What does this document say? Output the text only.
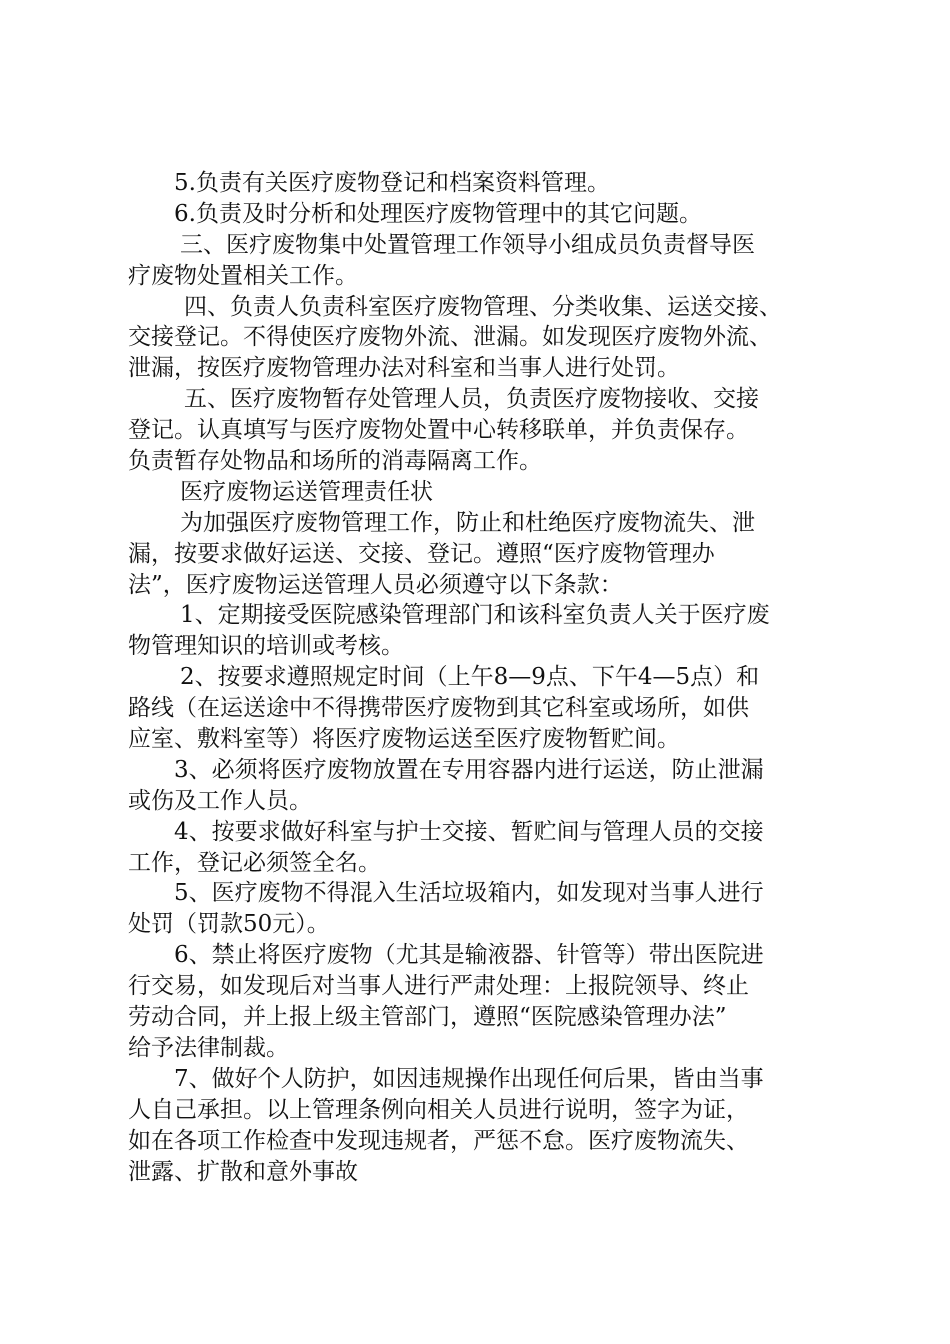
5.负责有关医疗废物登记和档案资料管理。
6.负责及时分析和处理医疗废物管理中的其它问题。
三、医疗废物集中处置管理工作领导小组成员负责督导医
疗废物处置相关工作。
四、负责人负责科室医疗废物管理、分类收集、运送交接、
交接登记。不得使医疗废物外流、泄漏。如发现医疗废物外流、
泄漏，按医疗废物管理办法对科室和当事人进行处罚。
五、医疗废物暂存处管理人员，负责医疗废物接收、交接
登记。认真填写与医疗废物处置中心转移联单，并负责保存。
负责暂存处物品和场所的消毒隔离工作。
医疗废物运送管理责任状
为加强医疗废物管理工作，防止和杜绝医疗废物流失、泄
漏，按要求做好运送、交接、登记。遵照“医疗废物管理办
法”，医疗废物运送管理人员必须遵守以下条款：
1、定期接受医院感染管理部门和该科室负责人关于医疗废
物管理知识的培训或考核。
2、按要求遵照规定时间（上午8—9点、下午4—5点）和
路线（在运送途中不得携带医疗废物到其它科室或场所，如供
应室、敷料室等）将医疗废物运送至医疗废物暂贮间。
3、必须将医疗废物放置在专用容器内进行运送，防止泄漏
或伤及工作人员。
4、按要求做好科室与护士交接、暂贮间与管理人员的交接
工作，登记必须签全名。
5、医疗废物不得混入生活垃圾箱内，如发现对当事人进行
处罚（罚款50元）。
6、禁止将医疗废物（尤其是输液器、针管等）带出医院进
行交易，如发现后对当事人进行严肃处理：上报院领导、终止
劳动合同，并上报上级主管部门，遵照“医院感染管理办法”
给予法律制裁。
7、做好个人防护，如因违规操作出现任何后果，皆由当事
人自己承担。以上管理条例向相关人员进行说明，签字为证，
如在各项工作检查中发现违规者，严惩不怠。医疗废物流失、
泄露、扩散和意外事故
